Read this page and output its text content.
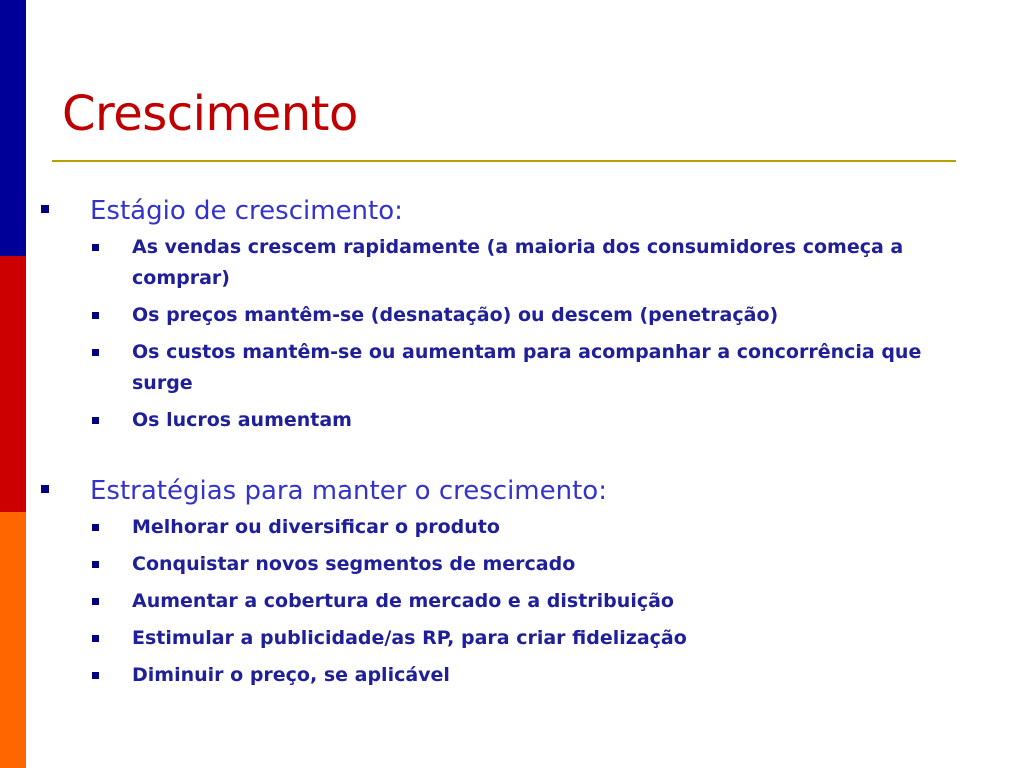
Crescimento
Estágio de crescimento:
As vendas crescem rapidamente (a maioria dos consumidores começa a comprar)
Os preços mantêm-se (desnatação) ou descem (penetração)
Os custos mantêm-se ou aumentam para acompanhar a concorrência que surge
Os lucros aumentam
Estratégias para manter o crescimento:
Melhorar ou diversificar o produto
Conquistar novos segmentos de mercado
Aumentar a cobertura de mercado e a distribuição
Estimular a publicidade/as RP, para criar fidelização
Diminuir o preço, se aplicável
